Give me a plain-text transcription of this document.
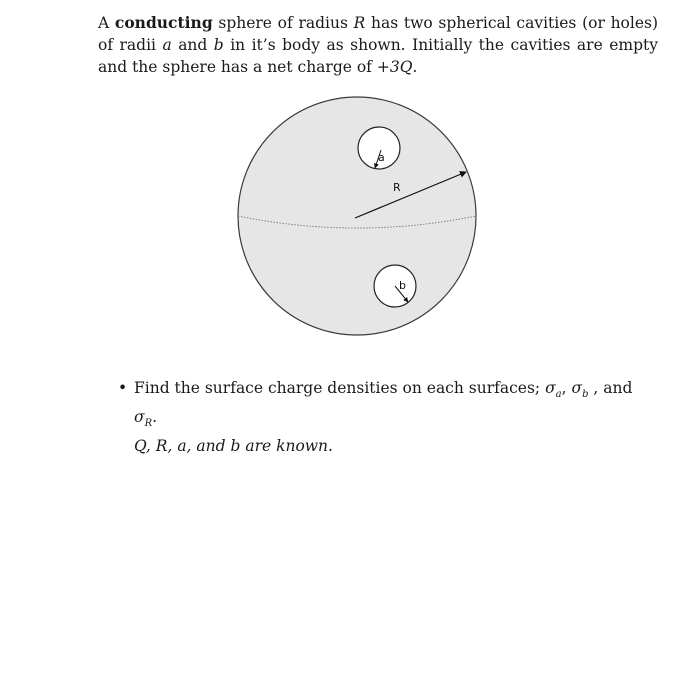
A conducting sphere of radius R has two spherical cavities (or holes) of radii a and b in it’s body as shown. Initially the cavities are empty and the sphere has a net charge of +3Q.

a
b
R
• Find the surface charge densities on each surfaces; $\sigma_a$, $\sigma_b$ , and $\sigma_R$.
Q, R, a, and b are known.
